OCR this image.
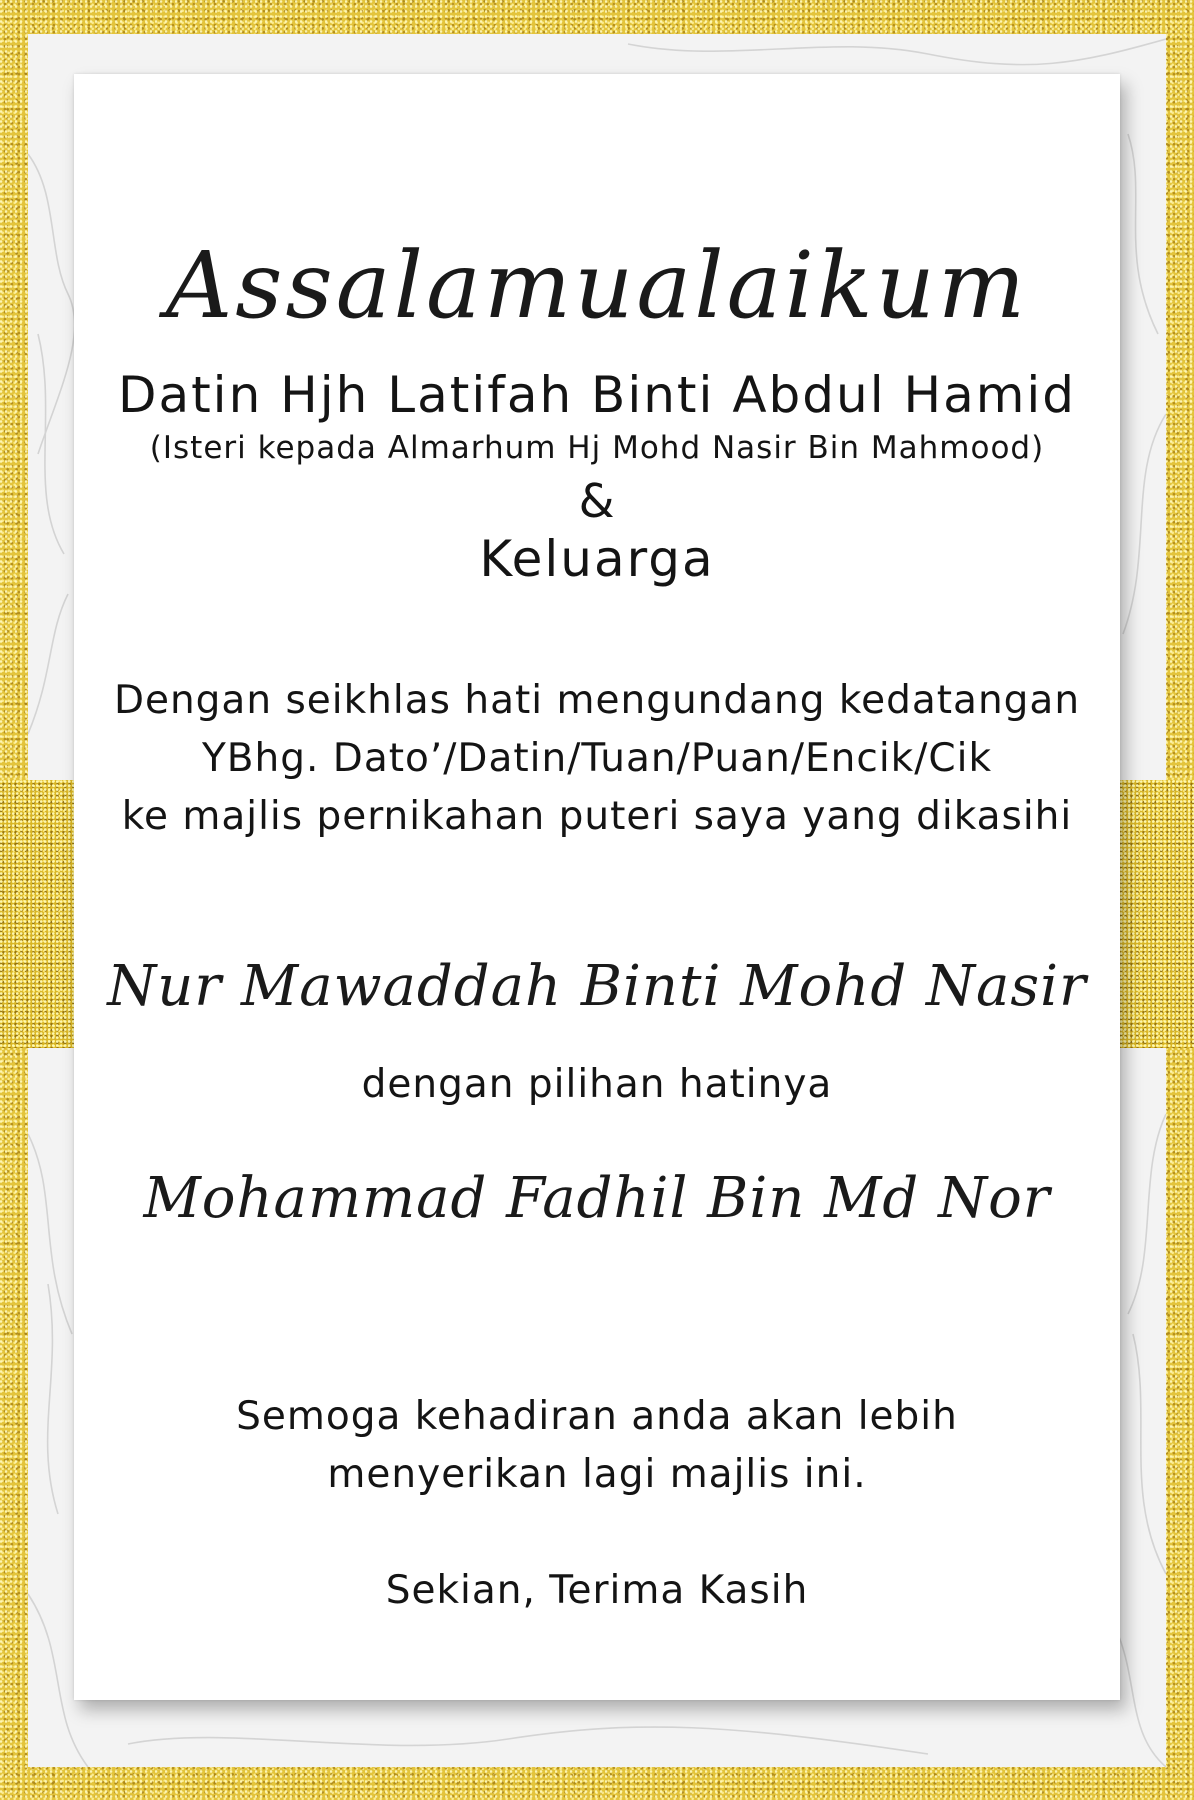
Assalamualaikum
Datin Hjh Latifah Binti Abdul Hamid
(Isteri kepada Almarhum Hj Mohd Nasir Bin Mahmood)
&
Keluarga
Dengan seikhlas hati mengundang kedatangan
YBhg. Dato’/Datin/Tuan/Puan/Encik/Cik
ke majlis pernikahan puteri saya yang dikasihi
Nur Mawaddah Binti Mohd Nasir
dengan pilihan hatinya
Mohammad Fadhil Bin Md Nor
Semoga kehadiran anda akan lebih
menyerikan lagi majlis ini.
Sekian, Terima Kasih
